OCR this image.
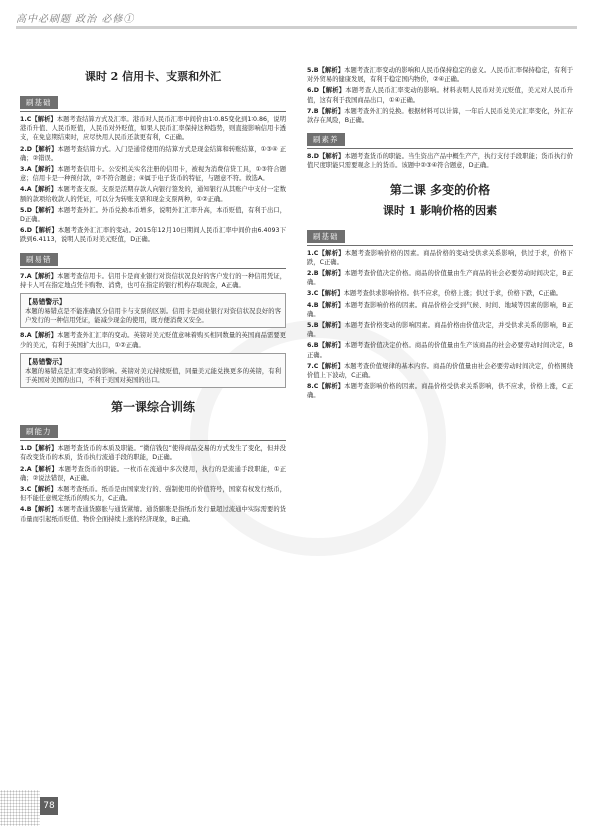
高中必刷题 政治 必修①
课时 2 信用卡、支票和外汇
刷基础
1.C【解析】本题考查结算方式及汇率。港币对人民币汇率中间价由1∶0.85变化到1∶0.86，说明港币升值、人民币贬值，人民币对外贬值，如果人民币汇率保持这种趋势，则直接影响信用卡透支，在免息期结束时，应尽快用人民币还款更有利，C正确。
2.D【解析】本题考查结算方式。入门是通常使用的结算方式是现金结算和转账结算，①③④ 正确；②错误。
3.A【解析】本题考查信用卡。公安机关实名注册的信用卡，被视为消费信贷工具，①③符合题意；信用卡是一种预付款，②不符合题意；④属于电子货币的特征，与题意不符。故选A。
4.A【解析】本题考查支票。支票是活期存款人向银行签发的，通知银行从其账户中支付一定数额的款项给收款人的凭证，可以分为转账支票和现金支票两种，①②正确。
5.D【解析】本题考查外汇。外币兑换本币增多，说明外汇汇率升高，本币贬值，有利于出口，D正确。
6.D【解析】本题考查外汇汇率的变动。2015年12月10日期间人民币汇率中间价由6.4093下跌到6.4113，说明人民币对美元贬值，D正确。
刷易错
7.A【解析】本题考查信用卡。信用卡是商业银行对资信状况良好的客户发行的一种信用凭证，持卡人可在指定地点凭卡购物、消费，也可在指定的银行机构存取现金，A正确。
【易错警示】
本题的易错点是不能准确区分信用卡与支票的区别。信用卡是商业银行对资信状况良好的客户发行的一种信用凭证，能减少现金的使用，既方便消费又安全。
8.A【解析】本题考查外汇汇率的变动。英镑对美元贬值意味着购买相同数量的英国商品需要更少的美元，有利于英国扩大出口，①②正确。
【易错警示】
本题的易错点是汇率变动的影响。英镑对美元持续贬值，同量美元能兑换更多的英镑，有利于英国对美国的出口，不利于美国对英国的出口。
第一课综合训练
刷能力
1.D【解析】本题考查货币的本质及职能。“微信钱包”使得商品交易的方式发生了变化，但并没有改变货币的本质，货币执行流通手段的职能，D正确。
2.A【解析】本题考查货币的职能。一枚币在流通中多次使用，执行的是流通手段职能，①正确；②说法错误，A正确。
3.C【解析】本题考查纸币。纸币是由国家发行的、强制使用的价值符号，国家有权发行纸币，但不能任意规定纸币的购买力，C正确。
4.B【解析】本题考查通货膨胀与通货紧缩。通货膨胀是指纸币发行量超过流通中实际需要的货币量而引起纸币贬值、物价全面持续上涨的经济现象，B正确。
5.B【解析】本题考查汇率变动的影响和人民币保持稳定的意义。人民币汇率保持稳定，有利于对外贸易的健康发展，有利于稳定国内物价，②④正确。
6.D【解析】本题考查人民币汇率变动的影响。材料表明人民币对美元贬值，美元对人民币升值，这有利于我国商品出口，①④正确。
7.B【解析】本题考查外汇的兑换。根据材料可以计算，一年后人民币兑美元汇率变化，外汇存款存在风险，B正确。
刷素养
8.D【解析】本题考查货币的职能。当生资出产品中概生产产，执行支付手段职能；货币执行价值尺度职能只需要观念上的货币。该题中②③④符合题意，D正确。
第二课 多变的价格
课时 1 影响价格的因素
刷基础
1.C【解析】本题考查影响价格的因素。商品价格的变动受供求关系影响，供过于求，价格下跌，C正确。
2.B【解析】本题考查价值决定价格。商品的价值量由生产商品的社会必要劳动时间决定，B正确。
3.C【解析】本题考查供求影响价格。供不应求，价格上涨；供过于求，价格下跌，C正确。
4.B【解析】本题考查影响价格的因素。商品价格会受到气候、时间、地域等因素的影响，B正确。
5.B【解析】本题考查价格变动的影响因素。商品价格由价值决定，并受供求关系的影响，B正确。
6.B【解析】本题考查价值决定价格。商品的价值量由生产该商品的社会必要劳动时间决定，B正确。
7.C【解析】本题考查价值规律的基本内容。商品的价值量由社会必要劳动时间决定，价格围绕价值上下波动，C正确。
8.C【解析】本题考查影响价格的因素。商品价格受供求关系影响，供不应求，价格上涨，C正确。
78
